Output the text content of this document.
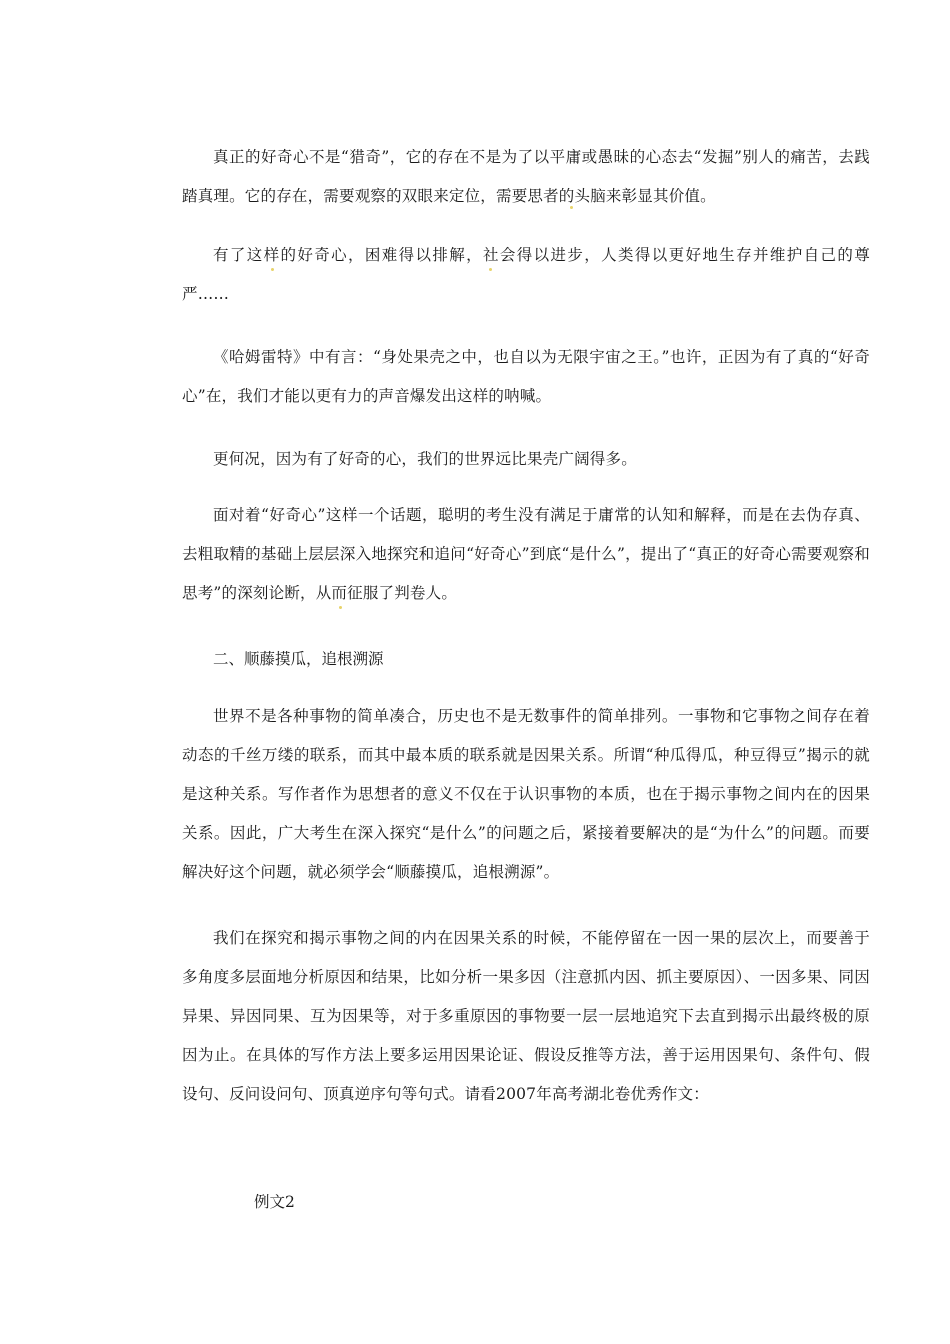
真正的好奇心不是“猎奇”，它的存在不是为了以平庸或愚昧的心态去“发掘”别人的痛苦，去践踏真理。它的存在，需要观察的双眼来定位，需要思者的头脑来彰显其价值。

有了这样的好奇心，困难得以排解，社会得以进步，人类得以更好地生存并维护自己的尊严……

《哈姆雷特》中有言：“身处果壳之中，也自以为无限宇宙之王。”也许，正因为有了真的“好奇心”在，我们才能以更有力的声音爆发出这样的呐喊。

更何况，因为有了好奇的心，我们的世界远比果壳广阔得多。

面对着“好奇心”这样一个话题，聪明的考生没有满足于庸常的认知和解释，而是在去伪存真、去粗取精的基础上层层深入地探究和追问“好奇心”到底“是什么”，提出了“真正的好奇心需要观察和思考”的深刻论断，从而征服了判卷人。

二、顺藤摸瓜，追根溯源

世界不是各种事物的简单凑合，历史也不是无数事件的简单排列。一事物和它事物之间存在着动态的千丝万缕的联系，而其中最本质的联系就是因果关系。所谓“种瓜得瓜，种豆得豆”揭示的就是这种关系。写作者作为思想者的意义不仅在于认识事物的本质，也在于揭示事物之间内在的因果关系。因此，广大考生在深入探究“是什么”的问题之后，紧接着要解决的是“为什么”的问题。而要解决好这个问题，就必须学会“顺藤摸瓜，追根溯源”。

我们在探究和揭示事物之间的内在因果关系的时候，不能停留在一因一果的层次上，而要善于多角度多层面地分析原因和结果，比如分析一果多因（注意抓内因、抓主要原因）、一因多果、同因异果、异因同果、互为因果等，对于多重原因的事物要一层一层地追究下去直到揭示出最终极的原因为止。在具体的写作方法上要多运用因果论证、假设反推等方法，善于运用因果句、条件句、假设句、反问设问句、顶真逆序句等句式。请看2007年高考湖北卷优秀作文：

例文2
